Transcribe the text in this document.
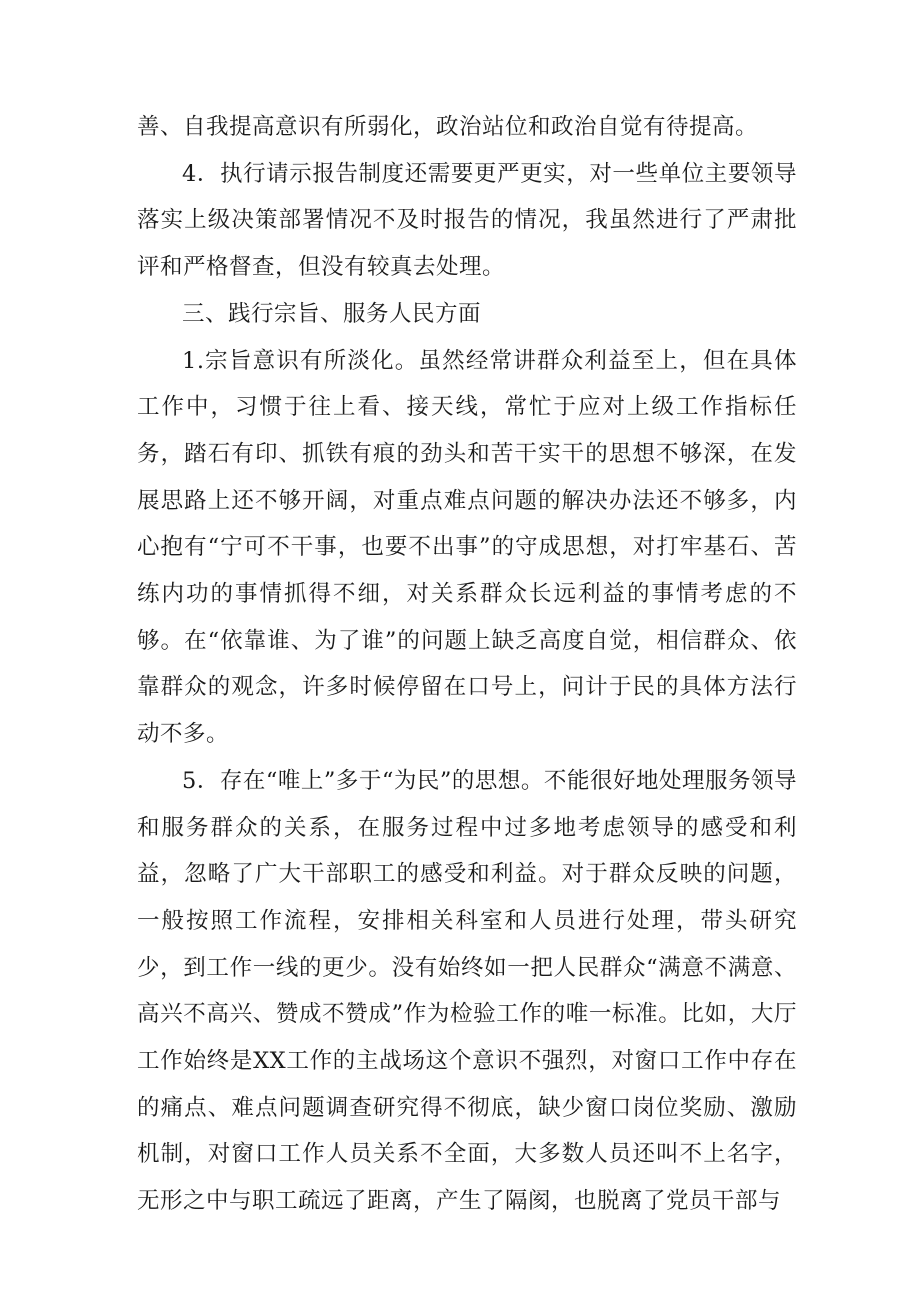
善、自我提高意识有所弱化，政治站位和政治自觉有待提高。

4．执行请示报告制度还需要更严更实，对一些单位主要领导落实上级决策部署情况不及时报告的情况，我虽然进行了严肃批评和严格督查，但没有较真去处理。

三、践行宗旨、服务人民方面

1.宗旨意识有所淡化。虽然经常讲群众利益至上，但在具体工作中，习惯于往上看、接天线，常忙于应对上级工作指标任务，踏石有印、抓铁有痕的劲头和苦干实干的思想不够深，在发展思路上还不够开阔，对重点难点问题的解决办法还不够多，内心抱有“宁可不干事，也要不出事”的守成思想，对打牢基石、苦练内功的事情抓得不细，对关系群众长远利益的事情考虑的不够。在“依靠谁、为了谁”的问题上缺乏高度自觉，相信群众、依靠群众的观念，许多时候停留在口号上，问计于民的具体方法行动不多。

5．存在“唯上”多于“为民”的思想。不能很好地处理服务领导和服务群众的关系，在服务过程中过多地考虑领导的感受和利益，忽略了广大干部职工的感受和利益。对于群众反映的问题，一般按照工作流程，安排相关科室和人员进行处理，带头研究少，到工作一线的更少。没有始终如一把人民群众“满意不满意、高兴不高兴、赞成不赞成”作为检验工作的唯一标准。比如，大厅工作始终是XX工作的主战场这个意识不强烈，对窗口工作中存在的痛点、难点问题调查研究得不彻底，缺少窗口岗位奖励、激励机制，对窗口工作人员关系不全面，大多数人员还叫不上名字，无形之中与职工疏远了距离，产生了隔阂，也脱离了党员干部与
